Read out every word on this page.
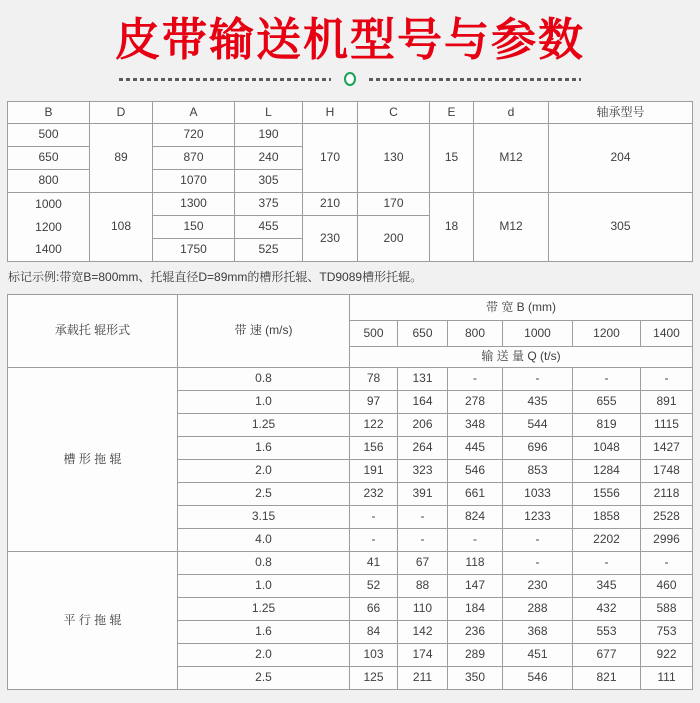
皮带输送机型号与参数
B	D	A	L	H	C	E	d	轴承型号
500	89	720	190	170	130	15	M12	204
650		870	240					
800		1070	305					
1000	108	1300	375	210	170	18	M12	305
1200		150	455	230	200			
1400		1750	525					

标记示例:带宽B=800mm、托辊直径D=89mm的槽形托辊、TD9089槽形托辊。

承载托 辊形式	带 速 (m/s)	带 宽 B (mm)					
		500	650	800	1000	1200	1400
		输 送 量 Q (t/s)					
槽 形 拖 辊	0.8	78	131	-	-	-	-
	1.0	97	164	278	435	655	891
	1.25	122	206	348	544	819	1115
	1.6	156	264	445	696	1048	1427
	2.0	191	323	546	853	1284	1748
	2.5	232	391	661	1033	1556	2118
	3.15	-	-	824	1233	1858	2528
	4.0	-	-	-	-	2202	2996
平 行 拖 辊	0.8	41	67	118	-	-	-
	1.0	52	88	147	230	345	460
	1.25	66	110	184	288	432	588
	1.6	84	142	236	368	553	753
	2.0	103	174	289	451	677	922
	2.5	125	211	350	546	821	111
